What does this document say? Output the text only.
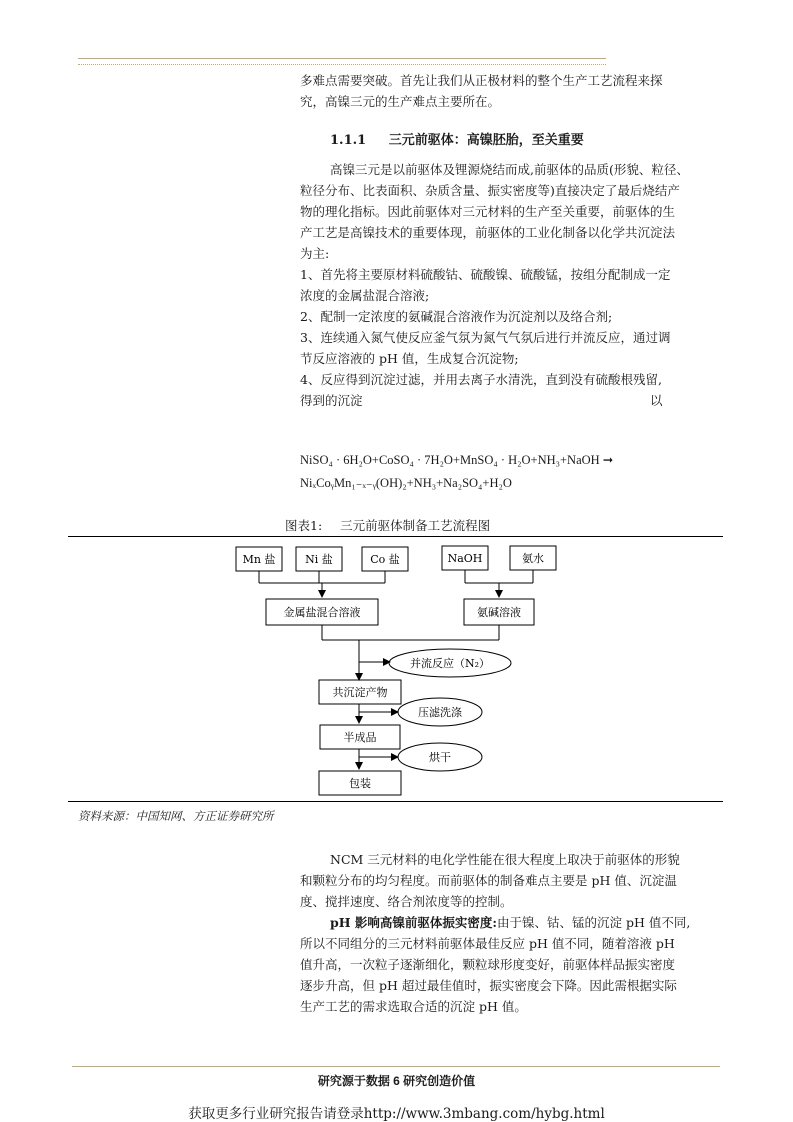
多难点需要突破。首先让我们从正极材料的整个生产工艺流程来探
究，高镍三元的生产难点主要所在。
1.1.1 三元前驱体：高镍胚胎，至关重要
高镍三元是以前驱体及锂源烧结而成,前驱体的品质(形貌、粒径、
粒径分布、比表面积、杂质含量、振实密度等)直接决定了最后烧结产
物的理化指标。因此前驱体对三元材料的生产至关重要，前驱体的生
产工艺是高镍技术的重要体现，前驱体的工业化制备以化学共沉淀法
为主:
1、首先将主要原材料硫酸钴、硫酸镍、硫酸锰，按组分配制成一定
浓度的金属盐混合溶液;
2、配制一定浓度的氨碱混合溶液作为沉淀剂以及络合剂;
3、连续通入氮气使反应釜气氛为氮气气氛后进行并流反应，通过调
节反应溶液的 pH 值，生成复合沉淀物;
4、反应得到沉淀过滤，并用去离子水清洗，直到没有硫酸根残留,
得到的沉淀	以
NiSO₄ · 6H₂O+CoSO₄ · 7H₂O+MnSO₄ · H₂O+NH₃+NaOH ➞
NiₓCoᵧMn₁₋ₓ₋ᵧ(OH)₂+NH₃+Na₂SO₄+H₂O
图表1: 三元前驱体制备工艺流程图
Mn 盐	Ni 盐	Co 盐	NaOH	氨水
金属盐混合溶液	氨碱溶液
并流反应（N₂）
共沉淀产物
压滤洗涤
半成品
烘干
包装
资料来源：中国知网、方正证券研究所
NCM 三元材料的电化学性能在很大程度上取决于前驱体的形貌
和颗粒分布的均匀程度。而前驱体的制备难点主要是 pH 值、沉淀温
度、搅拌速度、络合剂浓度等的控制。
pH 影响高镍前驱体振实密度:由于镍、钴、锰的沉淀 pH 值不同,
所以不同组分的三元材料前驱体最佳反应 pH 值不同，随着溶液 pH
值升高，一次粒子逐渐细化，颗粒球形度变好，前驱体样品振实密度
逐步升高，但 pH 超过最佳值时，振实密度会下降。因此需根据实际
生产工艺的需求选取合适的沉淀 pH 值。
研究源于数据 6 研究创造价值
获取更多行业研究报告请登录http://www.3mbang.com/hybg.html
